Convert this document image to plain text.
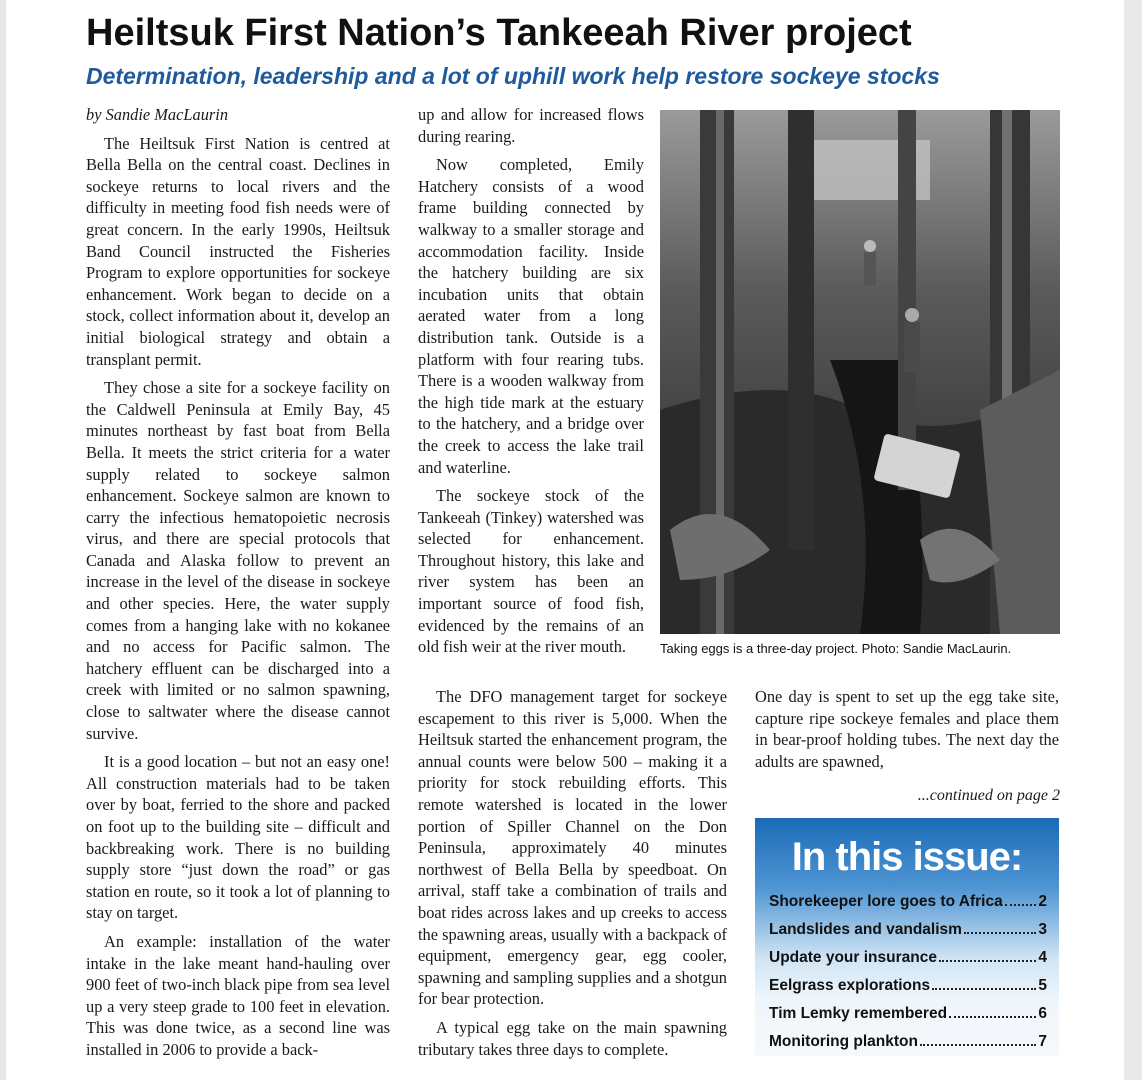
Heiltsuk First Nation’s Tankeeah River project
Determination, leadership and a lot of uphill work help restore sockeye stocks

by Sandie MacLaurin

The Heiltsuk First Nation is centred at Bella Bella on the central coast. Declines in sockeye returns to local rivers and the difficulty in meeting food fish needs were of great concern. In the early 1990s, Heiltsuk Band Council instructed the Fisheries Program to explore opportunities for sockeye enhancement. Work began to decide on a stock, collect information about it, develop an initial biological strategy and obtain a transplant permit.

They chose a site for a sockeye facility on the Caldwell Peninsula at Emily Bay, 45 minutes northeast by fast boat from Bella Bella. It meets the strict criteria for a water supply related to sockeye salmon enhancement. Sockeye salmon are known to carry the infectious hematopoietic necrosis virus, and there are special protocols that Canada and Alaska follow to prevent an increase in the level of the disease in sockeye and other species. Here, the water supply comes from a hanging lake with no kokanee and no access for Pacific salmon. The hatchery effluent can be discharged into a creek with limited or no salmon spawning, close to saltwater where the disease cannot survive.

It is a good location – but not an easy one! All construction materials had to be taken over by boat, ferried to the shore and packed on foot up to the building site – difficult and backbreaking work. There is no building supply store “just down the road” or gas station en route, so it took a lot of planning to stay on target.

An example: installation of the water intake in the lake meant hand-hauling over 900 feet of two-inch black pipe from sea level up a very steep grade to 100 feet in elevation. This was done twice, as a second line was installed in 2006 to provide a back-

up and allow for increased flows during rearing.

Now completed, Emily Hatchery consists of a wood frame building connected by walkway to a smaller storage and accommodation facility. Inside the hatchery building are six incubation units that obtain aerated water from a long distribution tank. Outside is a platform with four rearing tubs. There is a wooden walkway from the high tide mark at the estuary to the hatchery, and a bridge over the creek to access the lake trail and waterline.

The sockeye stock of the Tankeeah (Tinkey) watershed was selected for enhancement. Throughout history, this lake and river system has been an important source of food fish, evidenced by the remains of an old fish weir at the river mouth.	Taking eggs is a three-day project. Photo: Sandie MacLaurin.

The DFO management target for sockeye escapement to this river is 5,000. When the Heiltsuk started the enhancement program, the annual counts were below 500 – making it a priority for stock rebuilding efforts. This remote watershed is located in the lower portion of Spiller Channel on the Don Peninsula, approximately 40 minutes northwest of Bella Bella by speedboat. On arrival, staff take a combination of trails and boat rides across lakes and up creeks to access the spawning areas, usually with a backpack of equipment, emergency gear, egg cooler, spawning and sampling supplies and a shotgun for bear protection.

A typical egg take on the main spawning tributary takes three days to complete.

One day is spent to set up the egg take site, capture ripe sockeye females and place them in bear-proof holding tubes. The next day the adults are spawned,

...continued on page 2
In this issue:
Shorekeeper lore goes to Africa 2
Landslides and vandalism	3
Update your insurance	4
Eelgrass explorations	5
Tim Lemky remembered	6
Monitoring plankton	7
